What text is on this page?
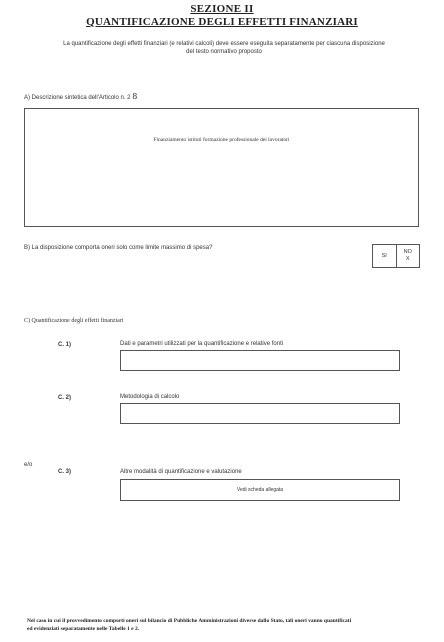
SEZIONE II
QUANTIFICAZIONE DEGLI EFFETTI FINANZIARI
La quantificazione degli effetti finanziari (e relativi calcoli) deve essere eseguita separatamente per ciascuna disposizione
del testo normativo proposto
A) Descrizione sintetica dell'Articolo n. 2 8
Finanziamento istituti formazione professionale dei lavoratori
B) La disposizione comporta oneri solo come limite massimo di spesa?
SI
NO
X
C) Quantificazione degli effetti finanziari
C. 1)	Dati e parametri utilizzati per la quantificazione e relative fonti
C. 2)	Metodologia di calcolo
e/o
C. 3)	Altre modalità di quantificazione e valutazione
Vedi scheda allegata
Nel caso in cui il provvedimento comporti oneri sul bilancio di Pubbliche Amministrazioni diverse dallo Stato, tali oneri vanno quantificati
ed evidenziati separatamente nelle Tabelle 1 e 2.
